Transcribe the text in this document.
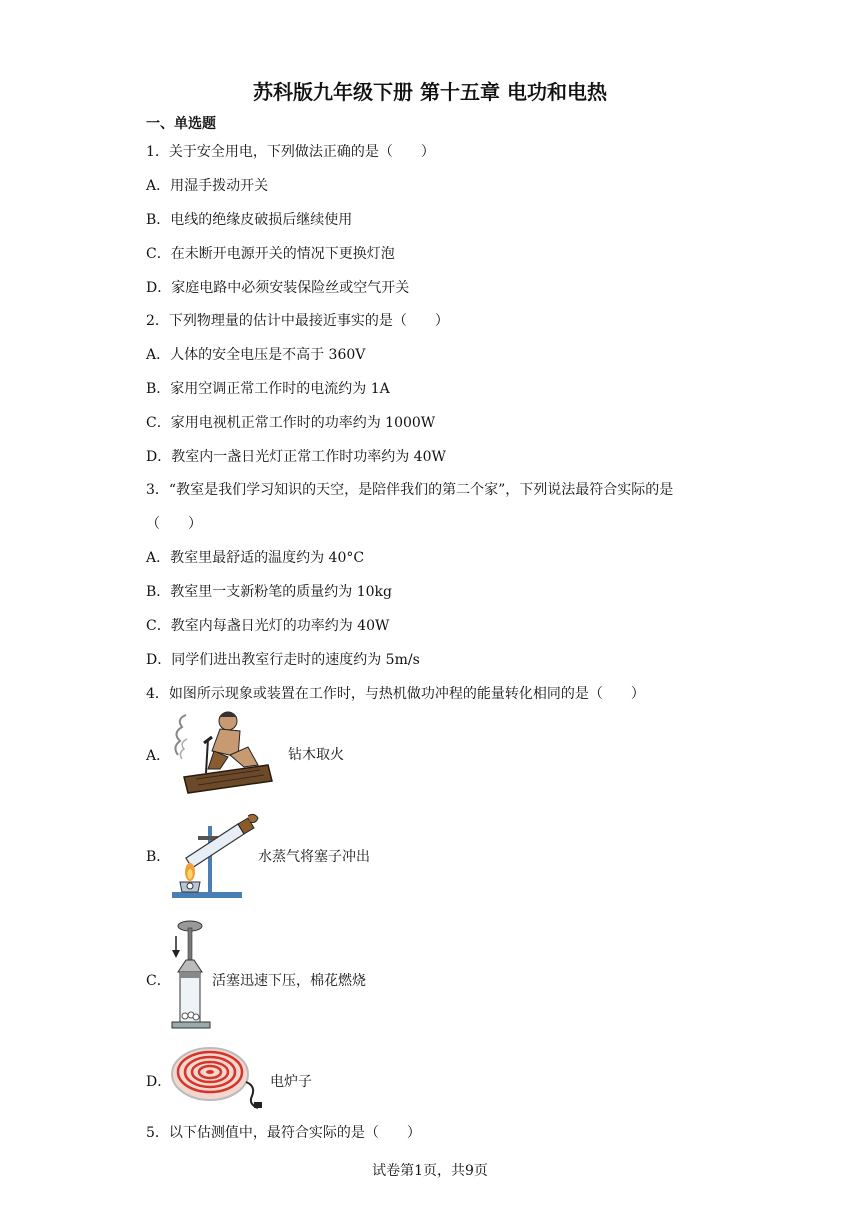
苏科版九年级下册 第十五章 电功和电热
一、单选题
1．关于安全用电，下列做法正确的是（　　）
A．用湿手拨动开关
B．电线的绝缘皮破损后继续使用
C．在未断开电源开关的情况下更换灯泡
D．家庭电路中必须安装保险丝或空气开关
2．下列物理量的估计中最接近事实的是（　　）
A．人体的安全电压是不高于 360V
B．家用空调正常工作时的电流约为 1A
C．家用电视机正常工作时的功率约为 1000W
D．教室内一盏日光灯正常工作时功率约为 40W
3．“教室是我们学习知识的天空，是陪伴我们的第二个家”，下列说法最符合实际的是
（　　）
A．教室里最舒适的温度约为 40°C
B．教室里一支新粉笔的质量约为 10kg
C．教室内每盏日光灯的功率约为 40W
D．同学们进出教室行走时的速度约为 5m/s
4．如图所示现象或装置在工作时，与热机做功冲程的能量转化相同的是（　　）
A．	钻木取火
B．	水蒸气将塞子冲出
C．	活塞迅速下压，棉花燃烧
D．	电炉子
5．以下估测值中，最符合实际的是（　　）
试卷第1页，共9页
